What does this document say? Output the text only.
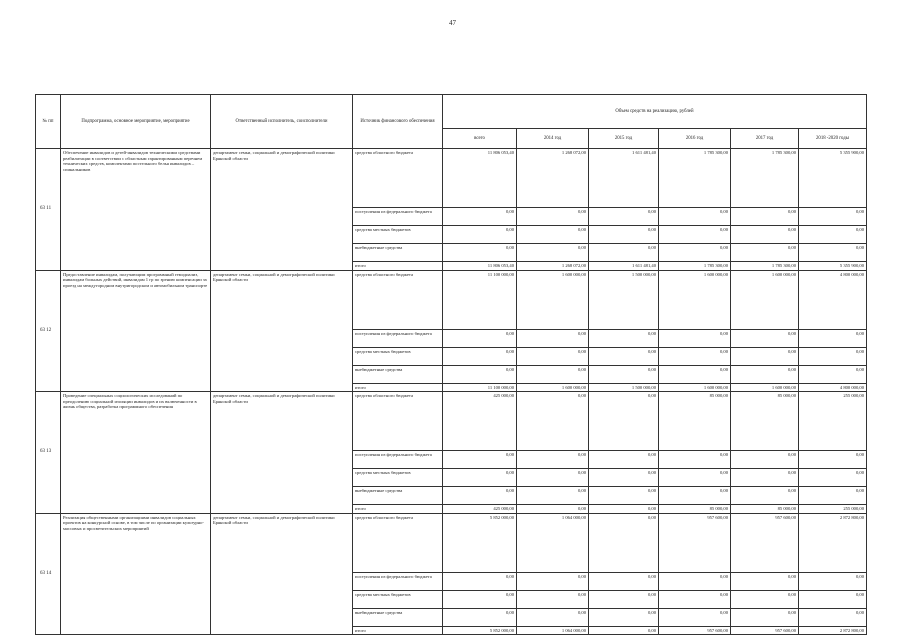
47
№ пп	Подпрограмма, основное мероприятие, мероприятие	Ответственный исполнитель, соисполнители	Источник финансового обеспечения	Объем средств на реализацию, рублей					
				всего	2014 год	2015 год	2016 год	2017 год	2018 -2020 годы
63 11	Обеспечение инвалидов и детей-инвалидов техническими средствами реабилитации в соответствии с областным гарантированным перечнем технических средств, комплектами постельного белья инвалидов – спинальников	департамент семьи, социальной и демографической политики Брянской области	средства областного бюджета	11 806 053,40	1 268 072,00	1 611 481,40	1 785 300,00	1 785 300,00	5 355 900,00
			поступления из федерального бюджета	0,00	0,00	0,00	0,00	0,00	0,00
			средства местных бюджетов	0,00	0,00	0,00	0,00	0,00	0,00
			внебюджетные средства	0,00	0,00	0,00	0,00	0,00	0,00
			итого	11 806 053,40	1 268 072,00	1 611 481,40	1 785 300,00	1 785 300,00	5 355 900,00
63 12	Предоставление инвалидам, получающим программный гемодиализ, инвалидам больных действий, инвалидам 1 гр по зрению компенсации за проезд на междугородном внутригородском и автомобильном транспорте	департамент семьи, социальной и демографической политики Брянской области	средства областного бюджета	11 100 000,00	1 600 000,00	1 500 000,00	1 600 000,00	1 600 000,00	4 800 000,00
			поступления из федерального бюджета	0,00	0,00	0,00	0,00	0,00	0,00
			средства местных бюджетов	0,00	0,00	0,00	0,00	0,00	0,00
			внебюджетные средства	0,00	0,00	0,00	0,00	0,00	0,00
			итого	11 100 000,00	1 600 000,00	1 500 000,00	1 600 000,00	1 600 000,00	4 800 000,00
63 13	Проведение специальных социологических исследований по преодолению социальной изоляции инвалидов и их включенности в жизнь общества, разработка программного обеспечения	департамент семьи, социальной и демографической политики Брянской области	средства областного бюджета	425 000,00	0,00	0,00	85 000,00	85 000,00	255 000,00
			поступления из федерального бюджета	0,00	0,00	0,00	0,00	0,00	0,00
			средства местных бюджетов	0,00	0,00	0,00	0,00	0,00	0,00
			внебюджетные средства	0,00	0,00	0,00	0,00	0,00	0,00
			итого	425 000,00	0,00	0,00	85 000,00	85 000,00	255 000,00
63 14	Реализация общественными организациями инвалидов социальных проектов на конкурсной основе, в том числе по организации культурно-массовых и просветительских мероприятий	департамент семьи, социальной и демографической политики Брянской области	средства областного бюджета	5 852 000,00	1 064 000,00	0,00	957 600,00	957 600,00	2 872 800,00
			поступления из федерального бюджета	0,00	0,00	0,00	0,00	0,00	0,00
			средства местных бюджетов	0,00	0,00	0,00	0,00	0,00	0,00
			внебюджетные средства	0,00	0,00	0,00	0,00	0,00	0,00
			итого	5 852 000,00	1 064 000,00	0,00	957 600,00	957 600,00	2 872 800,00
